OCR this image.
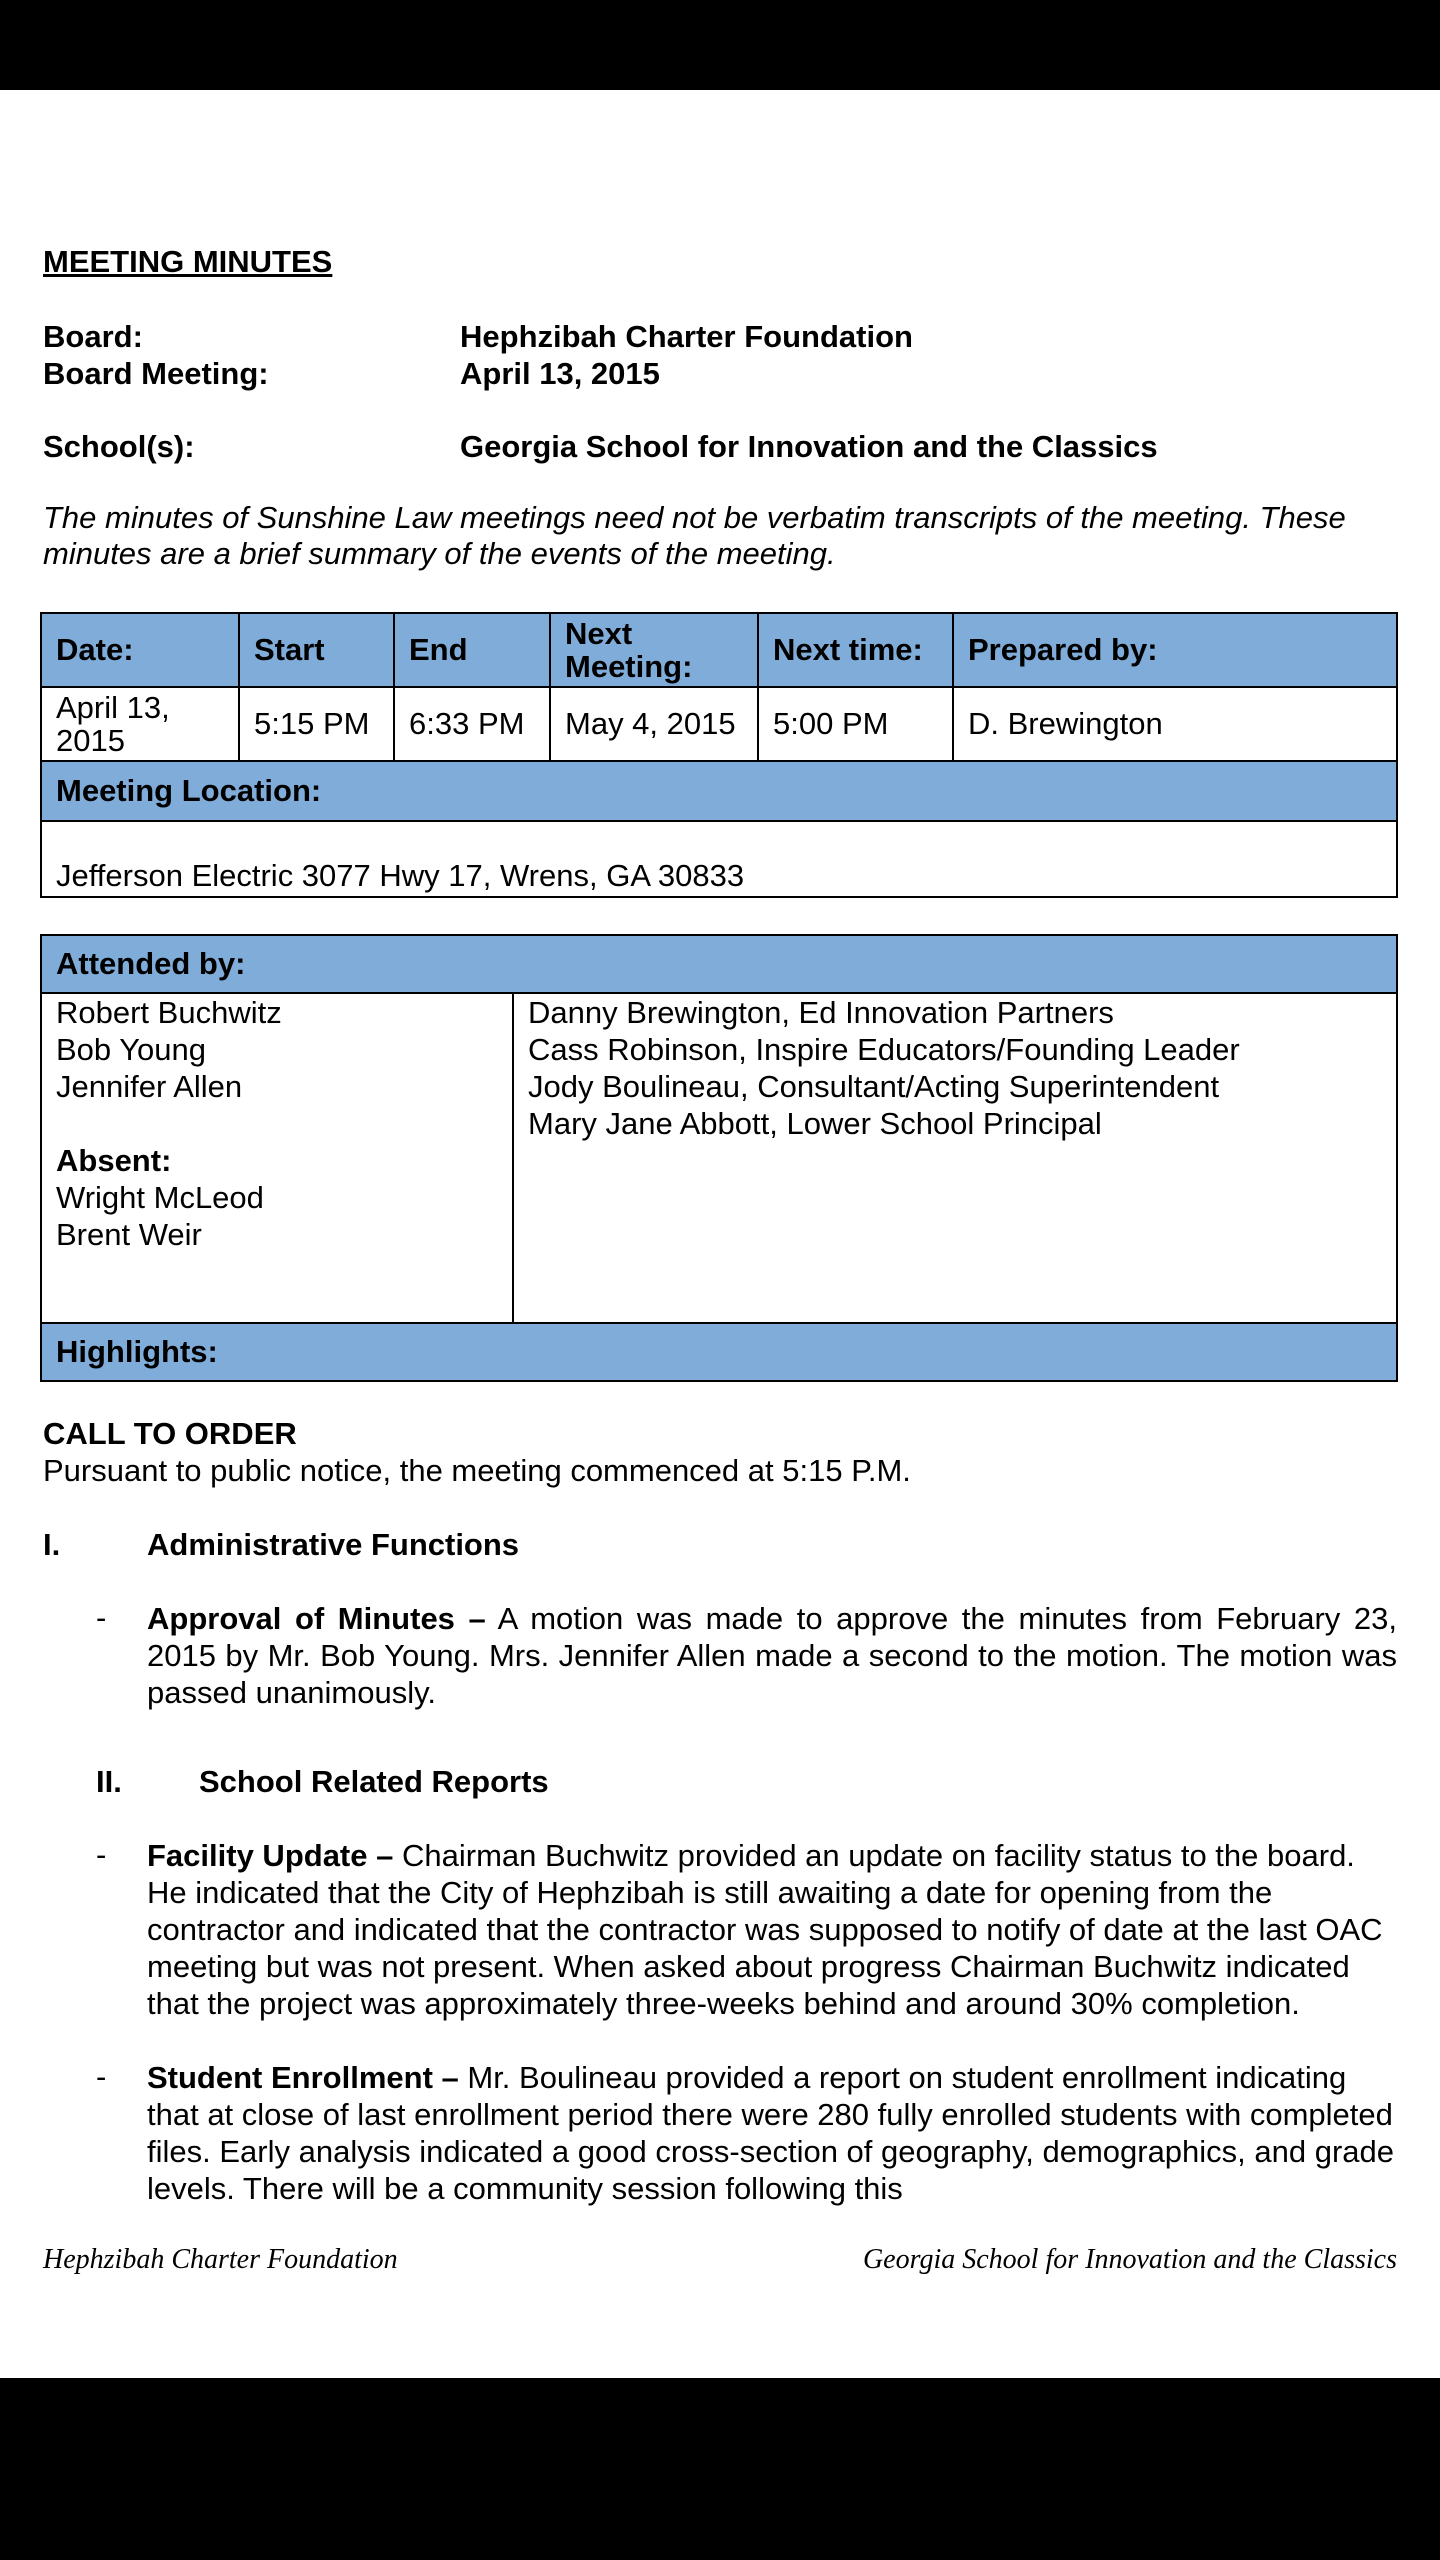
MEETING MINUTES
Board:	Hephzibah Charter Foundation
Board Meeting:	April 13, 2015
School(s):	Georgia School for Innovation and the Classics
The minutes of Sunshine Law meetings need not be verbatim transcripts of the meeting. These minutes are a brief summary of the events of the meeting.
Date:	Start	End	Next Meeting:	Next time:	Prepared by:
April 13, 2015	5:15 PM	6:33 PM	May 4, 2015	5:00 PM	D. Brewington
Meeting Location:					
Jefferson Electric 3077 Hwy 17, Wrens, GA 30833					
Attended by:

Robert Buchwitz
Bob Young
Jennifer Allen
Absent:
Wright McLeod
Brent Weir

Danny Brewington, Ed Innovation Partners
Cass Robinson, Inspire Educators/Founding Leader
Jody Boulineau, Consultant/Acting Superintendent
Mary Jane Abbott, Lower School Principal

Highlights:
CALL TO ORDER
Pursuant to public notice, the meeting commenced at 5:15 P.M.
I.	Administrative Functions
- Approval of Minutes – A motion was made to approve the minutes from February 23, 2015 by Mr. Bob Young. Mrs. Jennifer Allen made a second to the motion. The motion was passed unanimously.
II. School Related Reports
- Facility Update – Chairman Buchwitz provided an update on facility status to the board. He indicated that the City of Hephzibah is still awaiting a date for opening from the contractor and indicated that the contractor was supposed to notify of date at the last OAC meeting but was not present. When asked about progress Chairman Buchwitz indicated that the project was approximately three-weeks behind and around 30% completion.
- Student Enrollment – Mr. Boulineau provided a report on student enrollment indicating that at close of last enrollment period there were 280 fully enrolled students with completed files. Early analysis indicated a good cross-section of geography, demographics, and grade levels. There will be a community session following this
Hephzibah Charter Foundation	Georgia School for Innovation and the Classics
